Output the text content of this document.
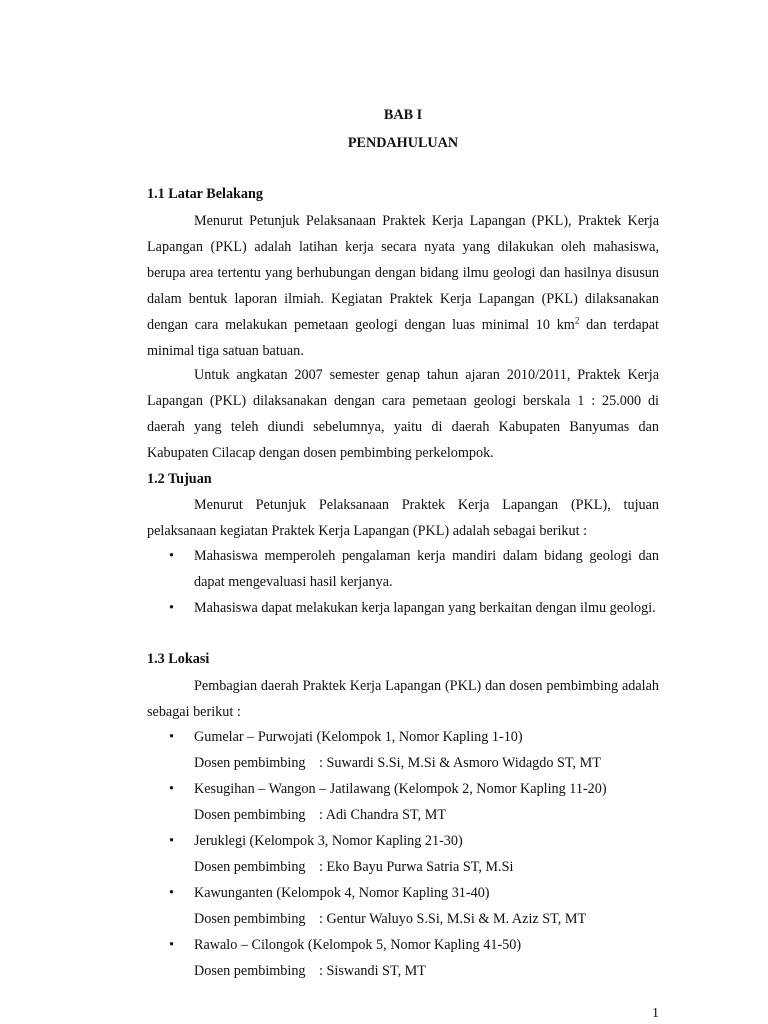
BAB I
PENDAHULUAN
1.1 Latar Belakang
Menurut Petunjuk Pelaksanaan Praktek Kerja Lapangan (PKL), Praktek Kerja Lapangan (PKL) adalah latihan kerja secara nyata yang dilakukan oleh mahasiswa, berupa area tertentu yang berhubungan dengan bidang ilmu geologi dan hasilnya disusun dalam bentuk laporan ilmiah. Kegiatan Praktek Kerja Lapangan (PKL) dilaksanakan dengan cara melakukan pemetaan geologi dengan luas minimal 10 $km^2$ dan terdapat minimal tiga satuan batuan.
Untuk angkatan 2007 semester genap tahun ajaran 2010/2011, Praktek Kerja Lapangan (PKL) dilaksanakan dengan cara pemetaan geologi berskala 1 : 25.000 di daerah yang teleh diundi sebelumnya, yaitu di daerah Kabupaten Banyumas dan Kabupaten Cilacap dengan dosen pembimbing perkelompok.
1.2 Tujuan
Menurut Petunjuk Pelaksanaan Praktek Kerja Lapangan (PKL), tujuan pelaksanaan kegiatan Praktek Kerja Lapangan (PKL) adalah sebagai berikut :
• Mahasiswa memperoleh pengalaman kerja mandiri dalam bidang geologi dan dapat mengevaluasi hasil kerjanya.
• Mahasiswa dapat melakukan kerja lapangan yang berkaitan dengan ilmu geologi.
1.3 Lokasi
Pembagian daerah Praktek Kerja Lapangan (PKL) dan dosen pembimbing adalah sebagai berikut :
• Gumelar – Purwojati (Kelompok 1, Nomor Kapling 1-10)
Dosen pembimbing : Suwardi S.Si, M.Si & Asmoro Widagdo ST, MT
• Kesugihan – Wangon – Jatilawang (Kelompok 2, Nomor Kapling 11-20)
Dosen pembimbing : Adi Chandra ST, MT
• Jeruklegi (Kelompok 3, Nomor Kapling 21-30)
Dosen pembimbing : Eko Bayu Purwa Satria ST, M.Si
• Kawunganten (Kelompok 4, Nomor Kapling 31-40)
Dosen pembimbing : Gentur Waluyo S.Si, M.Si & M. Aziz ST, MT
• Rawalo – Cilongok (Kelompok 5, Nomor Kapling 41-50)
Dosen pembimbing : Siswandi ST, MT
1
